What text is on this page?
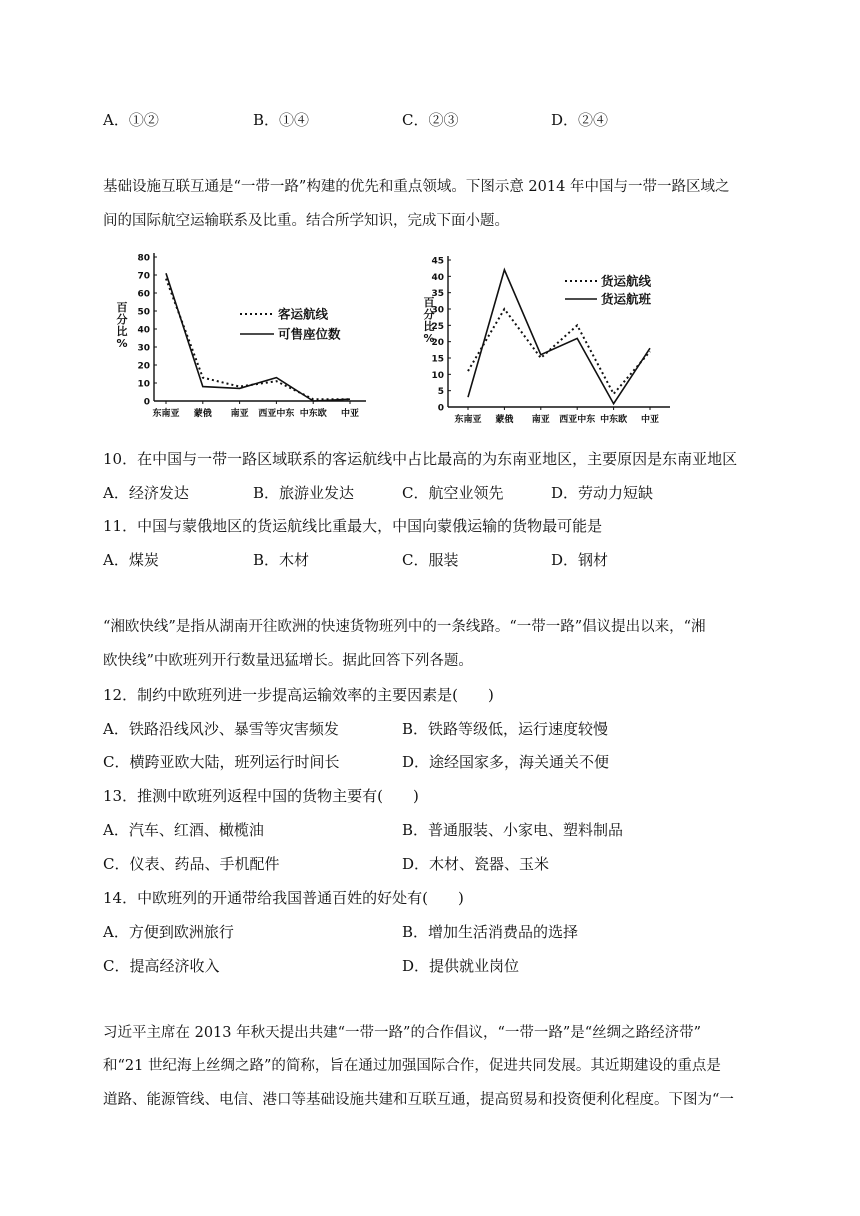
A．①②	B．①④	C．②③	D．②④
基础设施互联互通是“一带一路”构建的优先和重点领域。下图示意 2014 年中国与一带一路区域之
间的国际航空运输联系及比重。结合所学知识，完成下面小题。
0
10
20
30
40
50
60
70
80
百
分
比
%
东南亚 蒙俄 南亚 西亚中东 中东欧 中亚
客运航线
可售座位数
0
5
10
15
20
25
30
35
40
45
百
分
比
%
东南亚 蒙俄 南亚 西亚中东 中东欧 中亚
货运航线
货运航班
10．在中国与一带一路区域联系的客运航线中占比最高的为东南亚地区，主要原因是东南亚地区
A．经济发达	B．旅游业发达	C．航空业领先	D．劳动力短缺
11．中国与蒙俄地区的货运航线比重最大，中国向蒙俄运输的货物最可能是
A．煤炭	B．木材	C．服装	D．钢材
“湘欧快线”是指从湖南开往欧洲的快速货物班列中的一条线路。“一带一路”倡议提出以来，“湘
欧快线”中欧班列开行数量迅猛增长。据此回答下列各题。
12．制约中欧班列进一步提高运输效率的主要因素是(　　)
A．铁路沿线风沙、暴雪等灾害频发	B．铁路等级低，运行速度较慢
C．横跨亚欧大陆，班列运行时间长	D．途经国家多，海关通关不便
13．推测中欧班列返程中国的货物主要有(　　)
A．汽车、红酒、橄榄油	B．普通服装、小家电、塑料制品
C．仪表、药品、手机配件	D．木材、瓷器、玉米
14．中欧班列的开通带给我国普通百姓的好处有(　　)
A．方便到欧洲旅行	B．增加生活消费品的选择
C．提高经济收入	D．提供就业岗位
习近平主席在 2013 年秋天提出共建“一带一路”的合作倡议，“一带一路”是“丝绸之路经济带”
和“21 世纪海上丝绸之路”的简称，旨在通过加强国际合作，促进共同发展。其近期建设的重点是
道路、能源管线、电信、港口等基础设施共建和互联互通，提高贸易和投资便利化程度。下图为“一
